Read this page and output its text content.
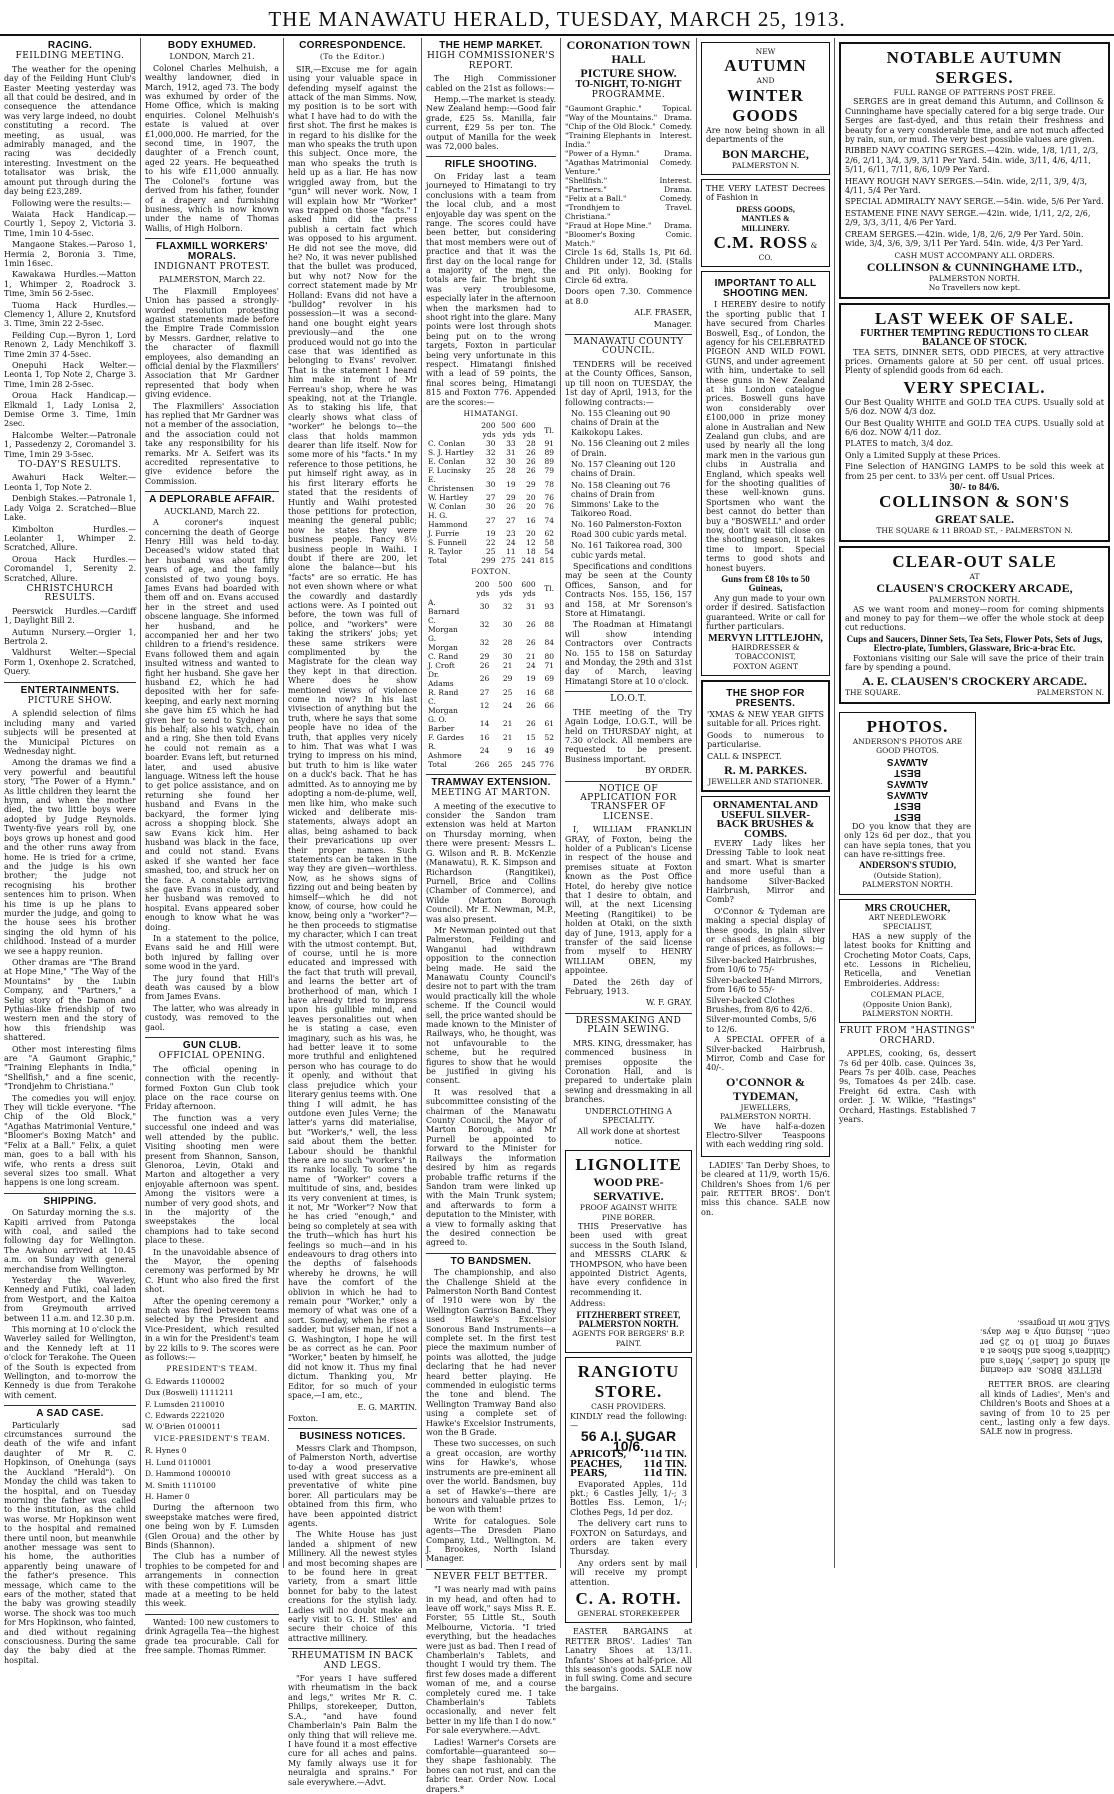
THE MANAWATU HERALD, TUESDAY, MARCH 25, 1913.
RACING.
FEILDING MEETING.

The weather for the opening day of the Feilding Hunt Club's Easter Meeting yesterday was all that could be desired, and in consequence the attendance was very large indeed, no doubt constituting a record. The meeting, as usual, was admirably managed, and the racing was decidedly interesting. Investment on the totalisator was brisk, the amount put through during the day being £23,289.

Following were the results:—

Waiata Hack Handicap.—Courtly 1, Sepoy 2, Victoria 3. Time, 1min 10 4-5sec.

Mangaone Stakes.—Paroso 1, Hermia 2, Boronia 3. Time, 1min 16sec.

Kawakawa Hurdles.—Matton 1, Whimper 2, Roadrock 3. Time, 3min 56 2-5sec.

Tuoma Hack Hurdles.—Clemency 1, Allure 2, Knutsford 3. Time, 3min 22 2-5sec.

Feilding Cup.—Byron 1, Lord Renown 2, Lady Menchikoff 3. Time 2min 37 4-5sec.

Onepuhi Hack Welter.—Leonta 1, Top Note 2, Charge 3. Time, 1min 28 2-5sec.

Oroua Hack Handicap.—Elkmald 1, Lady Lonisa 2, Demise Orme 3. Time, 1min 2sec.

Halcombe Welter.—Patronale 1, Passedenzy 2, Coromandel 3. Time, 1min 29 3-5sec.

TO-DAY'S RESULTS.

Awahuri Hack Welter.—Leonta 1, Top Note 2.

Denbigh Stakes.—Patronale 1, Lady Volga 2. Scratched—Blue Lake.

Kimbolton Hurdles.—Leolanter 1, Whimper 2. Scratched, Allure.

Oroua Hack Hurdles.—Coromandel 1, Serenity 2. Scratched, Allure.

CHRISTCHURCH RESULTS.

Peerswick Hurdles.—Cardiff 1, Daylight Bill 2.

Autumn Nursery.—Orgier 1, Bertrola 2.

Valdhurst Welter.—Special Form 1, Oxenhope 2. Scratched, Query.

ENTERTAINMENTS.
PICTURE SHOW.

A splendid selection of films including many and varied subjects will be presented at the Municipal Pictures on Wednesday night.

Among the dramas we find a very powerful and beautiful story, "The Power of a Hymn." As little children they learnt the hymn, and when the mother died, the two little boys were adopted by Judge Reynolds. Twenty-five years roll by, one boys grows up honest and good and the other runs away from home. He is tried for a crime, and the judge is his own brother; the judge not recognising his brother sentences him to prison. When his time is up he plans to murder the judge, and going to the house sees his brother singing the old hymn of his childhood. Instead of a murder we see a happy reunion.

Other dramas are "The Brand at Hope Mine," "The Way of the Mountains" by the Lubin Company, and "Partners," a Selig story of the Damon and Pythias-like friendship of two western men and the story of how this friendship was shattered.

Other most interesting films are "A Gaumont Graphic," "Training Elephants in India," "Shellfish," and a fine scenic, "Trondjehm to Christiana."

The comedies you will enjoy. They will tickle everyone. "The Chip of the Old Block," "Agathas Matrimonial Venture," "Bloomer's Boxing Match" and "Felix at a Ball." Felix, a quiet man, goes to a ball with his wife, who rents a dress suit several sizes too small. What happens is one long scream.

SHIPPING.

On Saturday morning the s.s. Kapiti arrived from Patonga with coal, and sailed the following day for Wellington. The Awahou arrived at 10.45 a.m. on Sunday with general merchandise from Wellington.

Yesterday the Waverley, Kennedy and Futiki, coal laden from Westport, and the Kaitoa from Greymouth arrived between 11 a.m. and 12.30 p.m.

This morning at 10 o'clock the Waverley sailed for Wellington, and the Kennedy left at 11 o'clock for Terakohe. The Queen of the South is expected from Wellington, and to-morrow the Kennedy is due from Terakohe with cement.

A SAD CASE.

Particularly sad circumstances surround the death of the wife and infant daughter of Mr R. C. Hopkinson, of Onehunga (says the Auckland "Herald"). On Monday the child was taken to the hospital, and on Tuesday morning the father was called to the institution, as the child was worse. Mr Hopkinson went to the hospital and remained there until noon, but meanwhile another message was sent to his home, the authorities apparently being unaware of the father's presence. This message, which came to the ears of the mother, stated that the baby was growing steadily worse. The shock was too much for Mrs Hopkinson, who fainted, and died without regaining consciousness. During the same day the baby died at the hospital.

BODY EXHUMED.

LONDON, March 21.

Colonel Charles Melhuish, a wealthy landowner, died in March, 1912, aged 73. The body was exhumed by order of the Home Office, which is making enquiries. Colonel Melhuish's estate is valued at over £1,000,000. He married, for the second time, in 1907, the daughter of a French count, aged 22 years. He bequeathed to his wife £11,000 annually. The Colonel's fortune was derived from his father, founder of a drapery and furnishing business, which is now known under the name of Thomas Wallis, of High Holborn.

FLAXMILL WORKERS' MORALS.
INDIGNANT PROTEST.

PALMERSTON, March 22.

The Flaxmill Employees' Union has passed a strongly-worded resolution protesting against statements made before the Empire Trade Commission by Messrs. Gardner, relative to the character of flaxmill employees, also demanding an official denial by the Flaxmillers' Association that Mr Gardner represented that body when giving evidence.

The Flaxmillers' Association has replied that Mr Gardner was not a member of the association, and the association could not take any responsibility for his remarks. Mr A. Seifert was its accredited representative to give evidence before the Commission.

A DEPLORABLE AFFAIR.

AUCKLAND, March 22.

A coroner's inquest concerning the death of George Henry Hill was held to-day. Deceased's widow stated that her husband was about fifty years of age, and the family consisted of two young boys. James Evans had boarded with them off and on. Evans accused her in the street and used obscene language. She informed her husband, and he accompanied her and her two children to a friend's residence. Evans followed them and again insulted witness and wanted to fight her husband. She gave her husband £2, which he had deposited with her for safe-keeping, and early next morning she gave him £5 which he had given her to send to Sydney on his behalf; also his watch, chain and a ring. She then told Evans he could not remain as a boarder. Evans left, but returned later, and used abusive language. Witness left the house to get police assistance, and on returning she found her husband and Evans in the backyard, the former lying across a shopping block. She saw Evans kick him. Her husband was black in the face, and could not stand. Evans asked if she wanted her face smashed, too, and struck her on the face. A constable arriving she gave Evans in custody, and her husband was removed to hospital. Evans appeared sober enough to know what he was doing.

In a statement to the police, Evans said he and Hill were both injured by falling over some wood in the yard.

The jury found that Hill's death was caused by a blow from James Evans.

The latter, who was already in custody, was removed to the gaol.

GUN CLUB.
OFFICIAL OPENING.

The official opening in connection with the recently-formed Foxton Gun Club took place on the race course on Friday afternoon.

The function was a very successful one indeed and was well attended by the public. Visiting shooting men were present from Shannon, Sanson, Glenoroa, Levin, Otaki and Marton and altogether a very enjoyable afternoon was spent. Among the visitors were a number of very good shots, and in the majority of the sweepstakes the local champions had to take second place to these.

In the unavoidable absence of the Mayor, the opening ceremony was performed by Mr C. Hunt who also fired the first shot.

After the opening ceremony a match was fired between teams selected by the President and Vice-President, which resulted in a win for the President's team by 22 kills to 9. The scores were as follows:—

PRESIDENT'S TEAM.

G. Edwards 1100002

Dux (Boswell) 1111211

F. Lumsden 2110010

C. Edwards 2221020

W. O'Brien 0100011

VICE-PRESIDENT'S TEAM.

R. Hynes 0

H. Lund 0110001

D. Hammond 1000010

M. Smith 1110100

H. Hamer 0

During the afternoon two sweepstake matches were fired, one being won by F. Lumsden (Glen Oroua) and the other by Binds (Shannon).

The Club has a number of trophies to be competed for and arrangements in connection with these competitions will be made at a meeting to be held this week.

Wanted: 100 new customers to drink Agragella Tea—the highest grade tea procurable. Call for free sample. Thomas Rimmer.

CORRESPONDENCE.
(To the Editor.)

SIR,—Excuse me for again using your valuable space in defending myself against the attack of the man Simms. Now, my position is to be sort with what I have had to do with the first shot. The first he makes is in regard to his dislike for the man who speaks the truth upon this subject. Once more, the man who speaks the truth is held up as a liar. He has now wriggled away from, but the "gun" will never work. Now, I will explain how Mr "Worker" was trapped on those "facts." I asked him did the press publish a certain fact which was opposed to his argument. He did not see the move, did he? No, it was never published that the bullet was produced, but why not? Now for the correct statement made by Mr Holland: Evans did not have a "bulldog" revolver in his possession—it was a second-hand one bought eight years previously—and the one produced would not go into the case that was identified as belonging to Evans' revolver. That is the statement I heard him make in front of Mr Ferreau's shop, where he was speaking, not at the Triangle. As to staking his life, that clearly shows what class of "worker" he belongs to—the class that holds mammon dearer than life itself. Now for some more of his "facts." In my reference to those petitions, he put himself right away, as in his first literary efforts he stated that the residents of Huntly and Waihi protested those petitions for protection, meaning the general public; now he states they were business people. Fancy 8½ business people in Waihi. I doubt if there are 200, let alone the balance—but his "facts" are so erratic. He has not even shown where or what the cowardly and dastardly actions were. As I pointed out before, the town was full of police, and "workers" were taking the strikers' jobs; yet these same strikers were complimented by the Magistrate for the clean way they kept in that direction. Where does he show mentioned views of violence come in now? In his last vivisection of anything but the truth, where he says that some people have no idea of the truth, that applies very nicely to him. That was what I was trying to impress on his mind, but truth to him is like water on a duck's back. That he has admitted. As to annoying me by adopting a nom-de-plume, well, men like him, who make such wicked and deliberate mis-statements, always adopt an alias, being ashamed to back their prevarications up over their proper names. Such statements can be taken in the way they are given—worthless. Now, as he shows signs of fizzing out and being beaten by himself—which he did not know, of course, how could he know, being only a "worker"?—he then proceeds to stigmatise my character, which I can treat with the utmost contempt. But, of course, until he is more educated and impressed with the fact that truth will prevail, and learns the better art of brotherhood of man, which I have already tried to impress upon his gullible mind, and leaves personalities out when he is stating a case, even imaginary, such as his was, he had better leave it to some more truthful and enlightened person who has courage to do it openly, and without that class prejudice which your literary genius teems with. One thing I will admit, he has outdone even Jules Verne; the latter's yarns did materialise, but "Worker's," well, the less said about them the better. Labour should be thankful there are no such "workers" in its ranks locally. To some the name of "Worker" covers a multitude of sins, and, besides its very convenient at times, is it not, Mr "Worker"? Now that he has cried "enough," and being so completely at sea with the truth—which has hurt his feelings so much—and in his endeavours to drag others into the depths of falsehoods whereby he drowns, he will have the comfort of the oblivion in which he had to remain pour "Worker," only a memory of what was one of a sort. Someday, when he rises a sadder, but wiser man, if not a G. Washington, I hope he will be as correct as he can. Poor "Worker," beaten by himself, he did not know it. Thus my final dictum. Thanking you, Mr Editor, for so much of your space,—I am, etc.,

E. G. MARTIN.

Foxton.

BUSINESS NOTICES.

Messrs Clark and Thompson, of Palmerston North, advertise to-day a wood preservative used with great success as a preventative of white pine borer. All particulars may be obtained from this firm, who have been appointed district agents.

The White House has just landed a shipment of new Millinery. All the newest styles and most becoming shapes are to be found here in great variety, from a smart little bonnet for baby to the latest creations for the stylish lady. Ladies will no doubt make an early visit to G. H. Stiles' and secure their choice of this attractive millinery.

RHEUMATISM IN BACK AND LEGS.

"For years I have suffered with rheumatism in the back and legs," writes Mr R. C. Philips, storekeeper, Dutton, S.A., "and have found Chamberlain's Pain Balm the only thing that will relieve me. I have found it a most effective cure for all aches and pains. My family always use it for neuralgia and sprains." For sale everywhere.—Advt.

THE HEMP MARKET.
HIGH COMMISSIONER'S REPORT.

The High Commissioner cabled on the 21st as follows:—

Hemp.—The market is steady. New Zealand hemp:—Good fair grade, £25 5s. Manilla, fair current, £29 5s per ton. The output of Manilla for the week was 72,000 bales.

RIFLE SHOOTING.

On Friday last a team journeyed to Himatangi to try conclusions with a team from the local club, and a most enjoyable day was spent on the range. The scores could have been better, but considering that most members were out of practice and that it was the first day on the local range for a majority of the men, the totals are fair. The bright sun was very troublesome, especially later in the afternoon when the marksmen had to shoot right into the glare. Many points were lost through shots being put on to the wrong targets, Foxton in particular being very unfortunate in this respect. Himatangi finished with a lead of 59 points, the final scores being, Himatangi 815 and Foxton 776. Appended are the scores:—

HIMATANGI.
	200 yds	500 yds	600 yds	Tl.
C. Conlan	30	33	28	91
S. J. Hartley	32	31	26	89
E. Conlan	32	30	26	89
F. Lucinsky	25	28	26	79
E. Christensen	30	19	29	78
W. Hartley	27	29	20	76
W. Conlan	30	26	20	76
H. G. Hammond	27	27	16	74
J. Furrie	19	23	20	62
S. Funnell	22	24	12	58
R. Taylor	25	11	18	54
Total	299	275	241	815
FOXTON.
	200 yds	500 yds	600 yds	Tl.
A. Barnard	30	32	31	93
C. Morgan	32	30	26	88
G. Morgan	32	28	26	84
C. Rand	29	30	21	80
J. Croft	26	21	24	71
Dr. Adams	26	29	19	69
R. Rand	27	25	16	68
C. Morgan	12	24	26	66
G. O. Barber	14	21	26	61
F. Gardes	16	21	15	52
R. Ashmore	24	9	16	49
Total	266	265	245	776
TRAMWAY EXTENSION.
MEETING AT MARTON.

A meeting of the executive to consider the Sandon tram extension was held at Marton on Thursday morning, when there were present: Messrs L. G. Wilson and R. B. McKenzie (Manawatu), R. K. Simpson and Richardson (Rangitikei), Purnell, Brice and Collins (Chamber of Commerce), and Wilde (Marton Borough Council). Mr E. Newman, M.P., was also present.

Mr Newman pointed out that Palmerston, Feilding and Wanganui had withdrawn opposition to the connection being made. He said the Manawatu County Council's desire not to part with the tram would practically kill the whole scheme. If the Council would sell, the price wanted should be made known to the Minister of Railways, who, he thought, was not unfavourable to the scheme, but he required figures to show that he would be justified in giving his consent.

It was resolved that a subcommittee consisting of the chairman of the Manawatu County Council, the Mayor of Marton Borough, and Mr Purnell be appointed to forward to the Minister for Railways the information desired by him as regards probable traffic returns if the Sandon tram were linked up with the Main Trunk system; and afterwards to form a deputation to the Minister, with a view to formally asking that the desired connection be agreed to.

TO BANDSMEN.

The championship, and also the Challenge Shield at the Palmerston North Band Contest of 1910 were won by the Wellington Garrison Band. They used Hawke's Excelsior Sonorous Band Instruments—a complete set. In the first test piece the maximum number of points was allotted, the judge declaring that he had never heard better playing. He commended in eulogistic terms the tone and blend. The Wellington Tramway Band also using a complete set of Hawke's Excelsior Instruments, won the B Grade.

These two successes, on such a great occasion, are worthy wins for Hawke's, whose instruments are pre-eminent all over the world. Bandsmen, buy a set of Hawke's—there are honours and valuable prizes to be won with them!

Write for catalogues. Sole agents—The Dresden Piano Company, Ltd., Wellington. M. J. Brookes, North Island Manager.

NEVER FELT BETTER.

"I was nearly mad with pains in my head, and often had to leave off work," says Miss R. E. Forster, 55 Little St., South Melbourne, Victoria. "I tried everything, but the headaches were just as bad. Then I read of Chamberlain's Tablets, and thought I would try them. The first few doses made a different woman of me, and a course completely cured me. I take Chamberlain's Tablets occasionally, and never felt better in my life than I do now." For sale everywhere.—Advt.

Ladies! Warner's Corsets are comfortable—guaranteed so—they shape fashionably. The bones can not rust, and can the fabric tear. Order Now. Local drapers.*

CORONATION TOWN HALL
PICTURE SHOW.
TO-NIGHT, TO-NIGHT
PROGRAMME.
"Gaumont Graphic."	Topical.
"Way of the Mountains." Drama.
"Chip of the Old Block." Comedy.
"Training Elephants in India."
Interest.
"Power of a Hymn."	Drama.
"Agathas Matrimonial Venture."
Comedy.
"Shellfish."	Interest.
"Partners."	Drama.
"Felix at a Ball."	Comedy.
"Trondhjem to Christiana."
Travel.
"Fraud at Hope Mine." Drama.
"Bloomer's Boxing Match."
Comic.

Circle 1s 6d, Stalls 1s, Pit 6d. Children under 12, 3d. (Stalls and Pit only). Booking for Circle 6d extra.

Doors open 7.30. Commence at 8.0

ALF. FRASER,

Manager.

MANAWATU COUNTY COUNCIL.

TENDERS will be received at the County Offices, Sanson, up till noon on TUESDAY, the 1st day of April, 1913, for the following contracts:—

No. 155 Cleaning out 90 chains of Drain at the Kaikokopu Lakes.
No. 156 Cleaning out 2 miles of Drain.
No. 157 Cleaning out 120 chains of Drain.
No. 158 Cleaning out 76 chains of Drain from Simmons' Lake to the Taikoreo Road.
No. 160 Palmerston-Foxton Road 300 cubic yards metal.
No. 161 Taikorea road, 300 cubic yards metal.

Specifications and conditions may be seen at the County Offices, Sanson, and for Contracts Nos. 155, 156, 157 and 158, at Mr Sorenson's Store at Himatangi.

The Roadman at Himatangi will show intending Contractors over Contracts No. 155 to 158 on Saturday and Monday, the 29th and 31st day of March, leaving Himatangi Store at 10 o'clock.

LO.O.T.

THE meeting of the Try Again Lodge, I.O.G.T., will be held on THURSDAY night, at 7.30 o'clock. All members are requested to be present. Business important.

BY ORDER.

NOTICE OF APPLICATION FOR TRANSFER OF LICENSE.

I, WILLIAM FRANKLIN GRAY, of Foxton, being the holder of a Publican's License in respect of the house and premises situate at Foxton known as the Post Office Hotel, do hereby give notice that I desire to obtain, and will, at the next Licensing Meeting (Rangitikei) to be holden at Otaki, on the sixth day of June, 1913, apply for a transfer of the said license from myself to HENRY WILLIAM OBEN, my appointee.

Dated the 26th day of February, 1913.

W. F. GRAY.

DRESSMAKING AND PLAIN SEWING.

MRS. KING, dressmaker, has commenced business in premises opposite the Coronation Hall, and is prepared to undertake plain sewing and dressmaking in all branches.

UNDERCLOTHING A SPECIALITY.

All work done at shortest notice.

LIGNOLITE
WOOD PRE-SERVATIVE.
PROOF AGAINST WHITE PINE BORER.

THIS Preservative has been used with great success in the South Island, and MESSRS CLARK & THOMPSON, who have been appointed District Agents, have every confidence in recommending it.

Address:

FITZHERBERT STREET, PALMERSTON NORTH.
AGENTS FOR BERGERS' B.P. PAINT.
RANGIOTU
STORE.
CASH PROVIDERS.

KINDLY read the following:—

56 A.I. SUGAR 10/6.
APRICOTS, 11d TIN.
PEACHES, 11d TIN.
PEARS,	11d TIN.

Evaporated Apples, 11d pkt.; 6 Castles Jelly, 1/-; 3 Bottles Ess. Lemon, 1/-; Clothes Pegs, 1d per doz.

The delivery cart runs to FOXTON on Saturdays, and orders are taken every Thursday.

Any orders sent by mail will receive my prompt attention.

C. A. ROTH.
GENERAL STOREKEEPER

EASTER BARGAINS at RETTER BROS'. Ladies' Tan Lanatry Shoes at 13/11. Infants' Shoes at half-price. All this season's goods. SALE now in full swing. Come and secure the bargains.

NEW
AUTUMN
AND
WINTER
GOODS

Are now being shown in all departments of the

BON MARCHE,
PALMERSTON N.

THE VERY LATEST Decrees of Fashion in

DRESS GOODS,
MANTLES &
MILLINERY.
C.M. ROSS & CO.
IMPORTANT TO ALL SHOOTING MEN.

I HEREBY desire to notify the sporting public that I have secured from Charles Boswell, Esq., of London, the agency for his CELEBRATED PIGEON AND WILD FOWL GUNS, and under agreement with him, undertake to sell these guns in New Zealand at his London catalogue prices. Boswell guns have won considerably over £100,000 in prize money alone in Australian and New Zealand gun clubs, and are used by nearly all the long mark men in the various gun clubs in Australia and England, which speaks well for the shooting qualities of these well-known guns. Sportsmen who want the best cannot do better than buy a "BOSWELL" and order now, don't wait till close on the shooting season, it takes time to import. Special terms to good shots and honest buyers.

Guns from £8 10s to 50 Guineas,

Any gun made to your own order if desired. Satisfaction guaranteed. Write or call for further particulars.

MERVYN LITTLEJOHN,
HAIRDRESSER & TOBACCONIST,
FOXTON AGENT
THE SHOP FOR PRESENTS.

'XMAS & NEW YEAR GIFTS suitable for all. Prices right.

Goods to numerous to particularise.

CALL & INSPECT.

R. M. PARKES.
JEWELLER AND STATIONER.
ORNAMENTAL AND USEFUL SILVER-BACK BRUSHES & COMBS.

EVERY Lady likes her Dressing Table to look neat and smart. What is smarter and more useful than a handsome Silver-Backed Hairbrush, Mirror and Comb?

O'Connor & Tydeman are making a special display of these goods, in plain silver or chased designs. A big range of prices, as follows:—

Silver-backed Hairbrushes, from 10/6 to 75/-
Silver-backed Hand Mirrors, from 16/6 to 55/-
Silver-backed Clothes Brushes, from 8/6 to 42/6.
Silver-mounted Combs, 5/6 to 12/6.

A SPECIAL OFFER of a Silver-backed Hairbrush, Mirror, Comb and Case for 40/-.

O'CONNOR & TYDEMAN,
JEWELLERS,
PALMERSTON NORTH.

We have half-a-dozen Electro-Silver Teaspoons with each wedding ring sold.

LADIES' Tan Derby Shoes, to be cleared at 11/9, worth 15/6. Children's Shoes from 1/6 per pair. RETTER BROS'. Don't miss this chance. SALE now on.

NOTABLE AUTUMN
SERGES.
FULL RANGE OF PATTERNS POST FREE.

SERGES are in great demand this Autumn, and Collinson & Cunninghame have specially catered for a big serge trade. Our Serges are fast-dyed, and thus retain their freshness and beauty for a very considerable time, and are not much affected by rain, sun, or mud. The very best possible values are given.

RIBBED NAVY COATING SERGES.—42in. wide, 1/8, 1/11, 2/3, 2/6, 2/11, 3/4, 3/9, 3/11 Per Yard. 54in. wide, 3/11, 4/6, 4/11, 5/11, 6/11, 7/11, 8/6, 10/9 Per Yard.
HEAVY ROUGH NAVY SERGES.—54in. wide, 2/11, 3/9, 4/3, 4/11, 5/4 Per Yard.
SPECIAL ADMIRALTY NAVY SERGE.—54in. wide, 5/6 Per Yard.
ESTAMENE FINE NAVY SERGE.—42in. wide, 1/11, 2/2, 2/6, 2/9, 3/3, 3/11, 4/6 Per Yard.
CREAM SERGES.—42in. wide, 1/8, 2/6, 2/9 Per Yard. 50in. wide, 3/4, 3/6, 3/9, 3/11 Per Yard. 54in. wide, 4/3 Per Yard.
CASH MUST ACCOMPANY ALL ORDERS.
COLLINSON & CUNNINGHAME LTD.,
PALMERSTON NORTH.
No Travellers now kept.
LAST WEEK OF SALE.
FURTHER TEMPTING REDUCTIONS TO CLEAR BALANCE OF STOCK.

TEA SETS, DINNER SETS, ODD PIECES, at very attractive prices. Ornaments galore at 50 per cent. off usual prices. Plenty of splendid goods from 6d each.

VERY SPECIAL.

Our Best Quality WHITE and GOLD TEA CUPS. Usually sold at 5/6 doz. NOW 4/3 doz.

Our Best Quality WHITE and GOLD TEA CUPS. Usually sold at 6/6 doz. NOW 4/11 doz.

PLATES to match, 3/4 doz.

Only a Limited Supply at these Prices.

Fine Selection of HANGING LAMPS to be sold this week at from 25 per cent. to 33⅓ per cent. off Usual Prices.

30/- to 84/6.
COLLINSON & SON'S
GREAT SALE.
THE SQUARE & 11 BROAD ST., - PALMERSTON N.
CLEAR-OUT SALE
AT
CLAUSEN'S CROCKERY ARCADE,
PALMERSTON NORTH.

AS we want room and money—room for coming shipments and money to pay for them—we offer the whole stock at deep cut reductions.

Cups and Saucers, Dinner Sets, Tea Sets, Flower Pots, Sets of Jugs, Electro-plate, Tumblers, Glassware, Bric-a-brac Etc.

Foxtonians visiting our Sale will save the price of their train fare by spending a pound.

A. E. CLAUSEN'S CROCKERY ARCADE.
THE SQUARE.	PALMERSTON N.
PHOTOS.
ANDERSON'S PHOTOS ARE GOOD PHOTOS.
BEST
BEST
ALWAYS
ALWAYS
BEST
ALWAYS

DO you know that they are only 12s 6d per doz., that you can have sepia tones, that you can have re-sittings free.

ANDERSON'S STUDIO,
(Outside Station),
PALMERSTON NORTH.
MRS CROUCHER,
ART NEEDLEWORK
SPECIALIST,

HAS a new supply of the latest books for Knitting and Crocheting Motor Coats, Caps, etc. Lessons in Richelieu, Reticella, and Venetian Embroideries. Address:

COLEMAN PLACE,
(Opposite Union Bank),
PALMERSTON NORTH.
FRUIT FROM "HASTINGS" ORCHARD.

APPLES, cooking, 6s, dessert 7s 6d per 40lb. case. Quinces 3s, Pears 7s per 40lb. case, Peaches 9s, Tomatoes 4s per 24lb. case. Freight 6d extra. Cash with order. J. W. Wilkie, "Hastings" Orchard, Hastings. Established 7 years.

RETTER BROS. are clearing all kinds of Ladies', Men's and Children's Boots and Shoes at a saving of from 10 to 25 per cent., lasting only a few days. SALE now in progress.

RETTER BROS. are clearing all kinds of Ladies', Men's and Children's Boots and Shoes at a saving of from 10 to 25 per cent., lasting only a few days. SALE now in progress.
